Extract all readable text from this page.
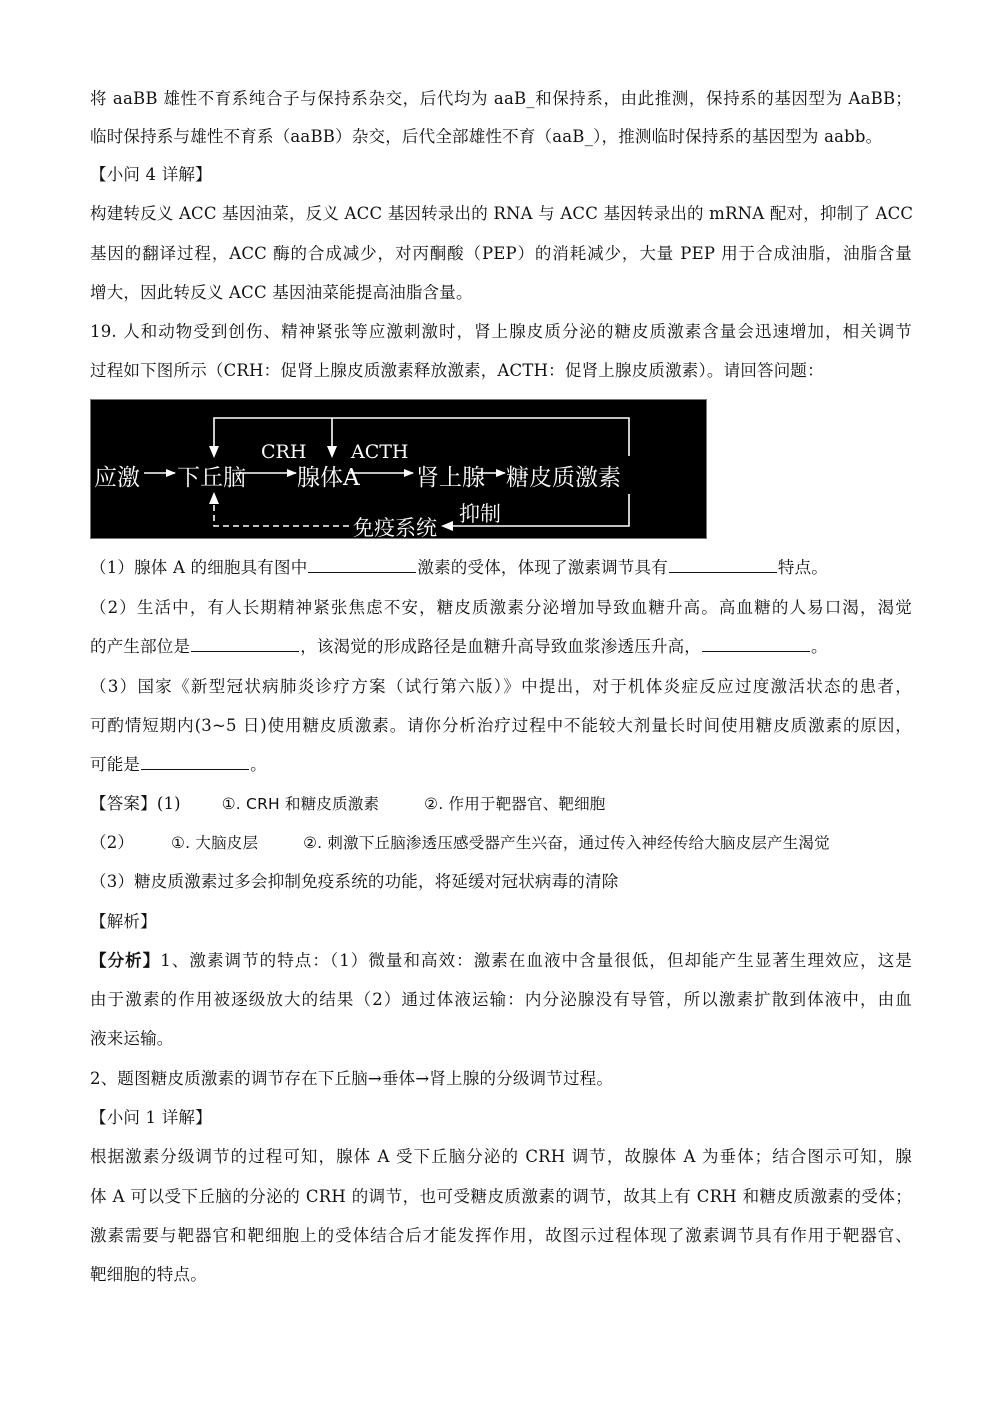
将 aaBB 雄性不育系纯合子与保持系杂交，后代均为 aaB_和保持系，由此推测，保持系的基因型为 AaBB；
临时保持系与雄性不育系（aaBB）杂交，后代全部雄性不育（aaB_），推测临时保持系的基因型为 aabb。
【小问 4 详解】
构建转反义 ACC 基因油菜，反义 ACC 基因转录出的 RNA 与 ACC 基因转录出的 mRNA 配对，抑制了 ACC
基因的翻译过程，ACC 酶的合成减少，对丙酮酸（PEP）的消耗减少，大量 PEP 用于合成油脂，油脂含量
增大，因此转反义 ACC 基因油菜能提高油脂含量。
19. 人和动物受到创伤、精神紧张等应激刺激时，肾上腺皮质分泌的糖皮质激素含量会迅速增加，相关调节
过程如下图所示（CRH：促肾上腺皮质激素释放激素，ACTH：促肾上腺皮质激素）。请回答问题：
应激 下丘脑
CRH
腺体A
ACTH
肾上腺 糖皮质激素
抑制
免疫系统
（1）腺体 A 的细胞具有图中	激素的受体，体现了激素调节具有	特点。
（2）生活中，有人长期精神紧张焦虑不安，糖皮质激素分泌增加导致血糖升高。高血糖的人易口渴，渴觉
的产生部位是	，该渴觉的形成路径是血糖升高导致血浆渗透压升高，	。
（3）国家《新型冠状病肺炎诊疗方案（试行第六版）》中提出，对于机体炎症反应过度激活状态的患者，
可酌情短期内(3~5 日)使用糖皮质激素。请你分析治疗过程中不能较大剂量长时间使用糖皮质激素的原因，
可能是	。
【答案】(1)	①. CRH 和糖皮质激素	②. 作用于靶器官、靶细胞
（2） ①. 大脑皮层	②. 刺激下丘脑渗透压感受器产生兴奋，通过传入神经传给大脑皮层产生渴觉
（3）糖皮质激素过多会抑制免疫系统的功能，将延缓对冠状病毒的清除
【解析】
【分析】1、激素调节的特点：（1）微量和高效：激素在血液中含量很低，但却能产生显著生理效应，这是
由于激素的作用被逐级放大的结果（2）通过体液运输：内分泌腺没有导管，所以激素扩散到体液中，由血
液来运输。
2、题图糖皮质激素的调节存在下丘脑→垂体→肾上腺的分级调节过程。
【小问 1 详解】
根据激素分级调节的过程可知，腺体 A 受下丘脑分泌的 CRH 调节，故腺体 A 为垂体；结合图示可知，腺
体 A 可以受下丘脑的分泌的 CRH 的调节，也可受糖皮质激素的调节，故其上有 CRH 和糖皮质激素的受体；
激素需要与靶器官和靶细胞上的受体结合后才能发挥作用，故图示过程体现了激素调节具有作用于靶器官、
靶细胞的特点。
